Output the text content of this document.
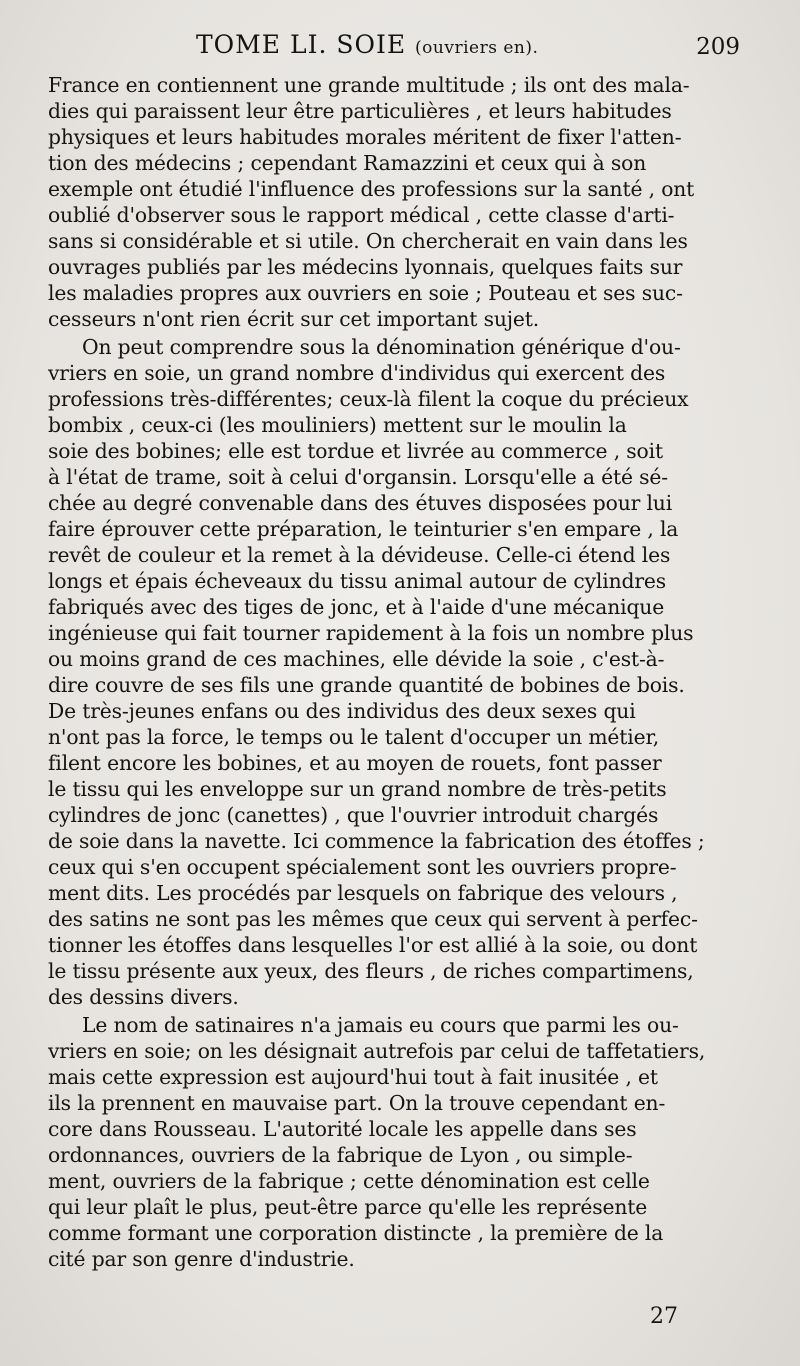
TOME LI. SOIE (ouvriers en).	209

France en contiennent une grande multitude ; ils ont des mala-
dies qui paraissent leur être particulières , et leurs habitudes
physiques et leurs habitudes morales méritent de fixer l'atten-
tion des médecins ; cependant Ramazzini et ceux qui à son
exemple ont étudié l'influence des professions sur la santé , ont
oublié d'observer sous le rapport médical , cette classe d'arti-
sans si considérable et si utile. On chercherait en vain dans les
ouvrages publiés par les médecins lyonnais, quelques faits sur
les maladies propres aux ouvriers en soie ; Pouteau et ses suc-
cesseurs n'ont rien écrit sur cet important sujet.

On peut comprendre sous la dénomination générique d'ou-
vriers en soie, un grand nombre d'individus qui exercent des
professions très-différentes; ceux-là filent la coque du précieux
bombix , ceux-ci (les mouliniers) mettent sur le moulin la
soie des bobines; elle est tordue et livrée au commerce , soit
à l'état de trame, soit à celui d'organsin. Lorsqu'elle a été sé-
chée au degré convenable dans des étuves disposées pour lui
faire éprouver cette préparation, le teinturier s'en empare , la
revêt de couleur et la remet à la dévideuse. Celle-ci étend les
longs et épais écheveaux du tissu animal autour de cylindres
fabriqués avec des tiges de jonc, et à l'aide d'une mécanique
ingénieuse qui fait tourner rapidement à la fois un nombre plus
ou moins grand de ces machines, elle dévide la soie , c'est-à-
dire couvre de ses fils une grande quantité de bobines de bois.
De très-jeunes enfans ou des individus des deux sexes qui
n'ont pas la force, le temps ou le talent d'occuper un métier,
filent encore les bobines, et au moyen de rouets, font passer
le tissu qui les enveloppe sur un grand nombre de très-petits
cylindres de jonc (canettes) , que l'ouvrier introduit chargés
de soie dans la navette. Ici commence la fabrication des étoffes ;
ceux qui s'en occupent spécialement sont les ouvriers propre-
ment dits. Les procédés par lesquels on fabrique des velours ,
des satins ne sont pas les mêmes que ceux qui servent à perfec-
tionner les étoffes dans lesquelles l'or est allié à la soie, ou dont
le tissu présente aux yeux, des fleurs , de riches compartimens,
des dessins divers.

Le nom de satinaires n'a jamais eu cours que parmi les ou-
vriers en soie; on les désignait autrefois par celui de taffetatiers,
mais cette expression est aujourd'hui tout à fait inusitée , et
ils la prennent en mauvaise part. On la trouve cependant en-
core dans Rousseau. L'autorité locale les appelle dans ses
ordonnances, ouvriers de la fabrique de Lyon , ou simple-
ment, ouvriers de la fabrique ; cette dénomination est celle
qui leur plaît le plus, peut-être parce qu'elle les représente
comme formant une corporation distincte , la première de la
cité par son genre d'industrie.

27
